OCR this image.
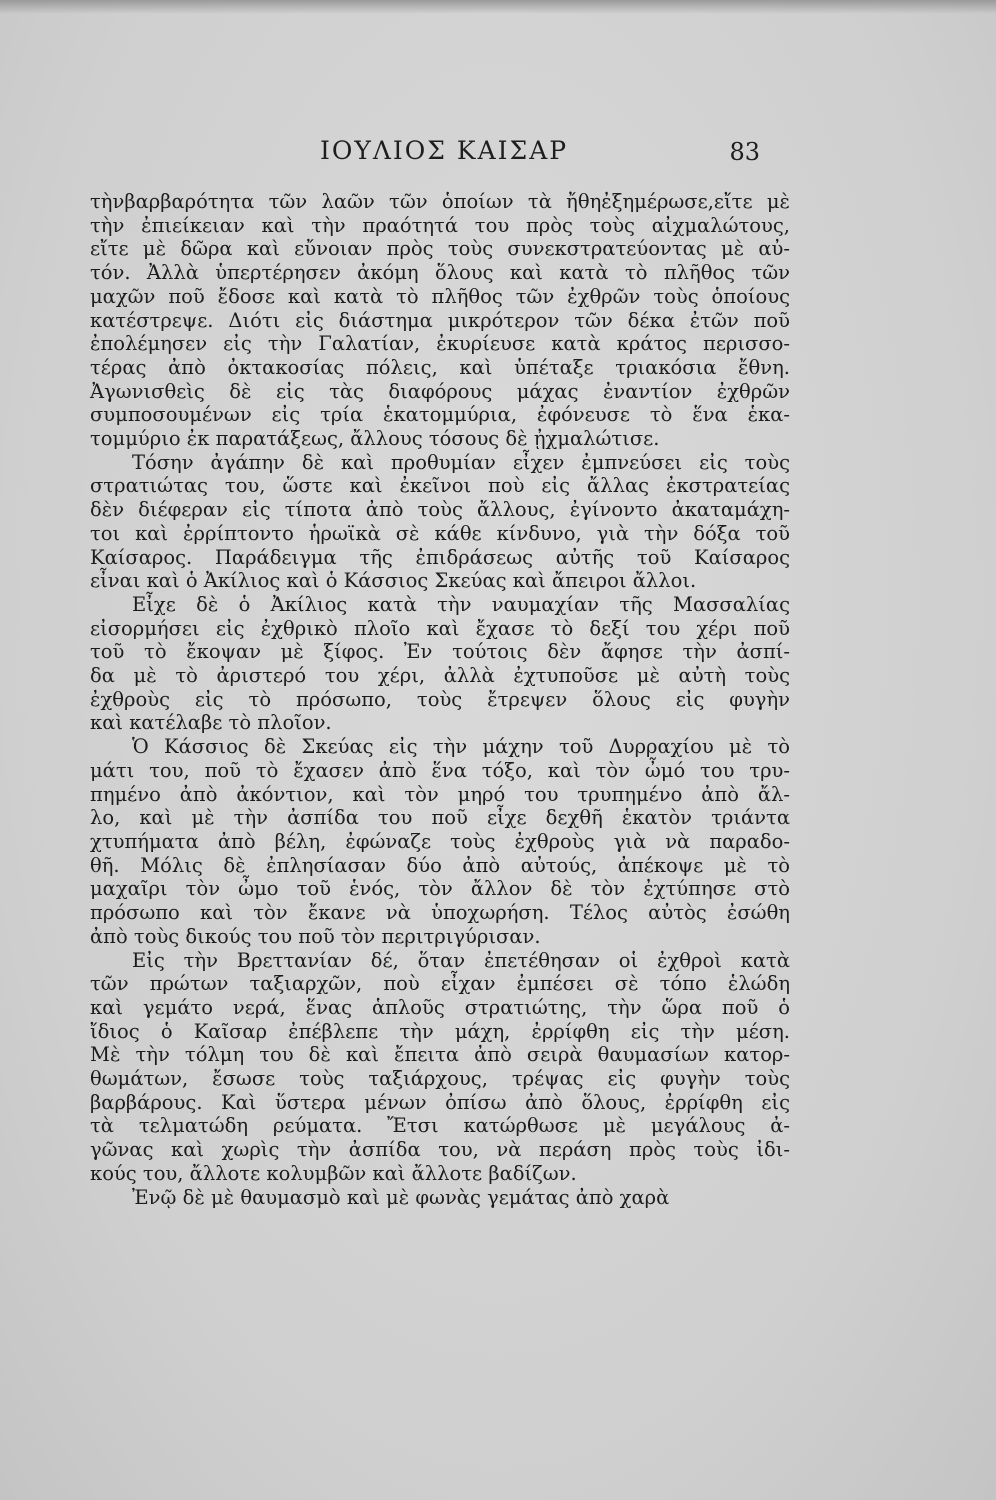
ΙΟΥΛΙΟΣ ΚΑΙΣΑΡ	83
τὴνβαρβαρότητα τῶν λαῶν τῶν ὁποίων τὰ ἤθηἐξημέρωσε,εἴτε μὲ
τὴν ἐπιείκειαν καὶ τὴν πραότητά του πρὸς τοὺς αἰχμαλώτους,
εἴτε μὲ δῶρα καὶ εὔνοιαν πρὸς τοὺς συνεκστρατεύοντας μὲ αὐ-
τόν. Ἀλλὰ ὑπερτέρησεν ἀκόμη ὅλους καὶ κατὰ τὸ πλῆθος τῶν
μαχῶν ποῦ ἔδοσε καὶ κατὰ τὸ πλῆθος τῶν ἐχθρῶν τοὺς ὁποίους
κατέστρεψε. Διότι εἰς διάστημα μικρότερον τῶν δέκα ἐτῶν ποῦ
ἐπολέμησεν εἰς τὴν Γαλατίαν, ἐκυρίευσε κατὰ κράτος περισσο-
τέρας ἀπὸ ὀκτακοσίας πόλεις, καὶ ὑπέταξε τριακόσια ἔθνη.
Ἀγωνισθεὶς δὲ εἰς τὰς διαφόρους μάχας ἐναντίον ἐχθρῶν
συμποσουμένων εἰς τρία ἑκατομμύρια, ἐφόνευσε τὸ ἕνα ἑκα-
τομμύριο ἐκ παρατάξεως, ἄλλους τόσους δὲ ᾐχμαλώτισε.
Τόσην ἀγάπην δὲ καὶ προθυμίαν εἶχεν ἐμπνεύσει εἰς τοὺς
στρατιώτας του, ὥστε καὶ ἐκεῖνοι ποὺ εἰς ἄλλας ἐκστρατείας
δὲν διέφεραν εἰς τίποτα ἀπὸ τοὺς ἄλλους, ἐγίνοντο ἀκαταμάχη-
τοι καὶ ἐρρίπτοντο ἡρωϊκὰ σὲ κάθε κίνδυνο, γιὰ τὴν δόξα τοῦ
Καίσαρος. Παράδειγμα τῆς ἐπιδράσεως αὐτῆς τοῦ Καίσαρος
εἶναι καὶ ὁ Ἀκίλιος καὶ ὁ Κάσσιος Σκεύας καὶ ἄπειροι ἄλλοι.
Εἶχε δὲ ὁ Ἀκίλιος κατὰ τὴν ναυμαχίαν τῆς Μασσαλίας
εἰσορμήσει εἰς ἐχθρικὸ πλοῖο καὶ ἔχασε τὸ δεξί του χέρι ποῦ
τοῦ τὸ ἔκοψαν μὲ ξίφος. Ἐν τούτοις δὲν ἄφησε τὴν ἀσπί-
δα μὲ τὸ ἀριστερό του χέρι, ἀλλὰ ἐχτυποῦσε μὲ αὐτὴ τοὺς
ἐχθροὺς εἰς τὸ πρόσωπο, τοὺς ἔτρεψεν ὅλους εἰς φυγὴν
καὶ κατέλαβε τὸ πλοῖον.
Ὁ Κάσσιος δὲ Σκεύας εἰς τὴν μάχην τοῦ Δυρραχίου μὲ τὸ
μάτι του, ποῦ τὸ ἔχασεν ἀπὸ ἕνα τόξο, καὶ τὸν ὦμό του τρυ-
πημένο ἀπὸ ἀκόντιον, καὶ τὸν μηρό του τρυπημένο ἀπὸ ἄλ-
λο, καὶ μὲ τὴν ἀσπίδα του ποῦ εἶχε δεχθῆ ἑκατὸν τριάντα
χτυπήματα ἀπὸ βέλη, ἐφώναζε τοὺς ἐχθροὺς γιὰ νὰ παραδο-
θῆ. Μόλις δὲ ἐπλησίασαν δύο ἀπὸ αὐτούς, ἀπέκοψε μὲ τὸ
μαχαῖρι τὸν ὦμο τοῦ ἑνός, τὸν ἄλλον δὲ τὸν ἐχτύπησε στὸ
πρόσωπο καὶ τὸν ἔκανε νὰ ὑποχωρήση. Τέλος αὐτὸς ἐσώθη
ἀπὸ τοὺς δικούς του ποῦ τὸν περιτριγύρισαν.
Εἰς τὴν Βρεττανίαν δέ, ὅταν ἐπετέθησαν οἱ ἐχθροὶ κατὰ
τῶν πρώτων ταξιαρχῶν, ποὺ εἶχαν ἐμπέσει σὲ τόπο ἑλώδη
καὶ γεμάτο νερά, ἕνας ἁπλοῦς στρατιώτης, τὴν ὥρα ποῦ ὁ
ἴδιος ὁ Καῖσαρ ἐπέβλεπε τὴν μάχη, ἐρρίφθη εἰς τὴν μέση.
Μὲ τὴν τόλμη του δὲ καὶ ἔπειτα ἀπὸ σειρὰ θαυμασίων κατορ-
θωμάτων, ἔσωσε τοὺς ταξιάρχους, τρέψας εἰς φυγὴν τοὺς
βαρβάρους. Καὶ ὕστερα μένων ὀπίσω ἀπὸ ὅλους, ἐρρίφθη εἰς
τὰ τελματώδη ρεύματα. Ἔτσι κατώρθωσε μὲ μεγάλους ἀ-
γῶνας καὶ χωρὶς τὴν ἀσπίδα του, νὰ περάση πρὸς τοὺς ἰδι-
κούς του, ἄλλοτε κολυμβῶν καὶ ἄλλοτε βαδίζων.
Ἐνῷ δὲ μὲ θαυμασμὸ καὶ μὲ φωνὰς γεμάτας ἀπὸ χαρὰ
